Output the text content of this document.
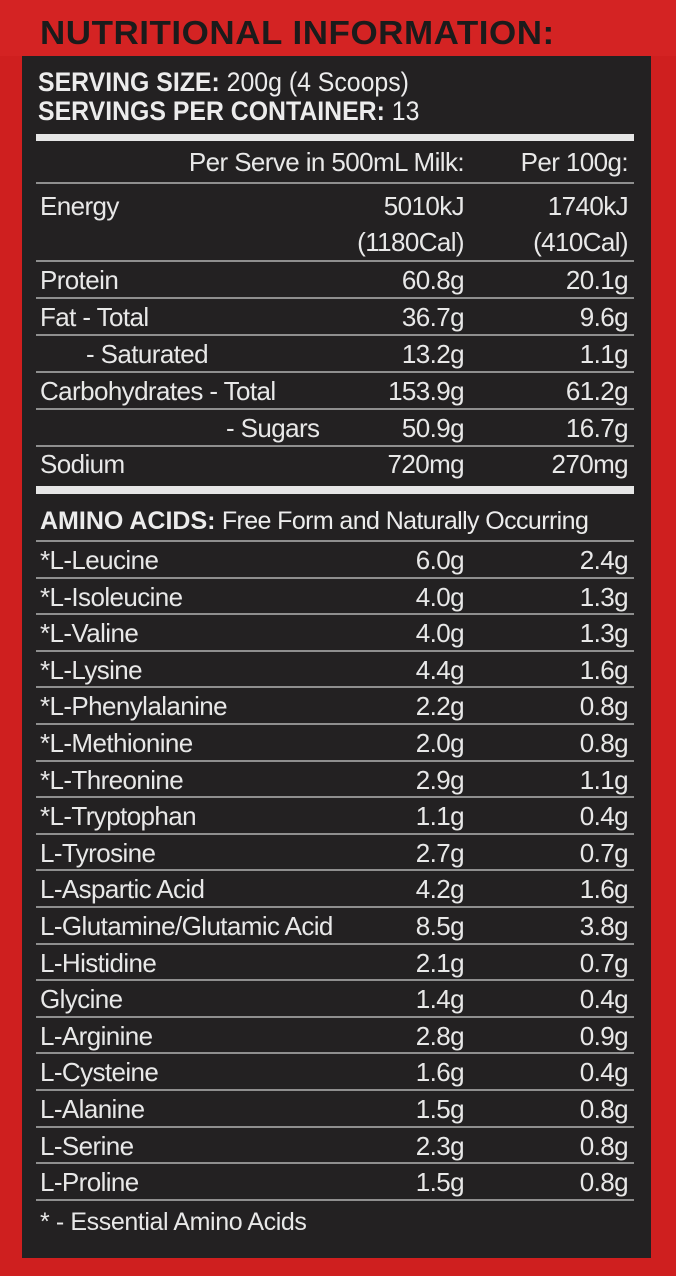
NUTRITIONAL INFORMATION:
SERVING SIZE: 200g (4 Scoops)
SERVINGS PER CONTAINER: 13
Per Serve in 500mL Milk: Per 100g:
Energy	5010kJ	1740kJ
(1180Cal)	(410Cal)
Protein	60.8g	20.1g
Fat - Total	36.7g	9.6g
- Saturated	13.2g	1.1g
Carbohydrates - Total	153.9g	61.2g
- Sugars	50.9g	16.7g
Sodium	720mg	270mg
AMINO ACIDS: Free Form and Naturally Occurring
*L-Leucine	6.0g	2.4g
*L-Isoleucine	4.0g	1.3g
*L-Valine	4.0g	1.3g
*L-Lysine	4.4g	1.6g
*L-Phenylalanine	2.2g	0.8g
*L-Methionine	2.0g	0.8g
*L-Threonine	2.9g	1.1g
*L-Tryptophan	1.1g	0.4g
L-Tyrosine	2.7g	0.7g
L-Aspartic Acid	4.2g	1.6g
L-Glutamine/Glutamic Acid	8.5g	3.8g
L-Histidine	2.1g	0.7g
Glycine	1.4g	0.4g
L-Arginine	2.8g	0.9g
L-Cysteine	1.6g	0.4g
L-Alanine	1.5g	0.8g
L-Serine	2.3g	0.8g
L-Proline	1.5g	0.8g
* - Essential Amino Acids
